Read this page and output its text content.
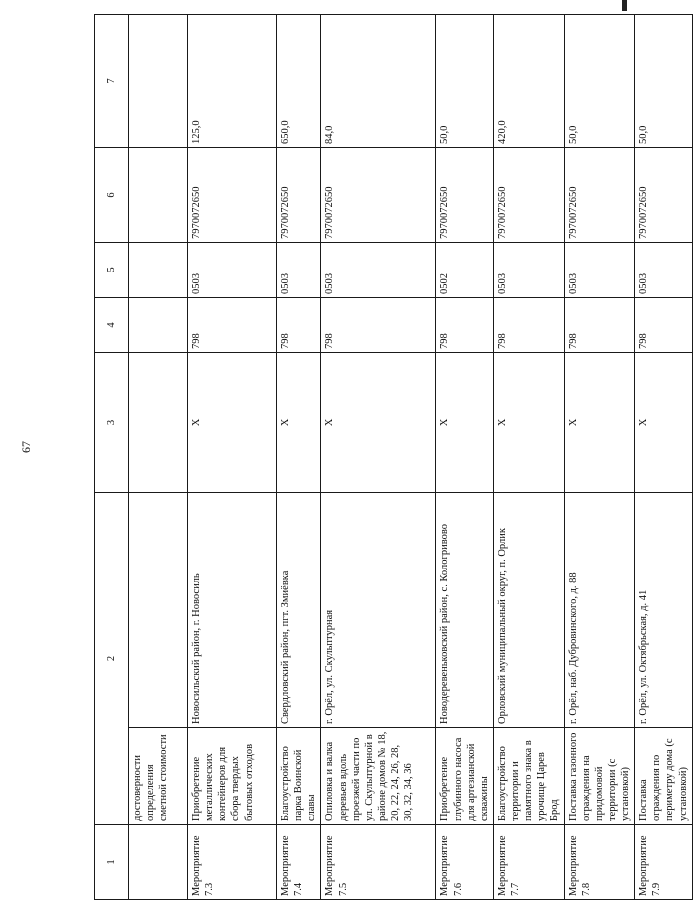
67
1	2		3	4	5	6	7
	достоверности определения сметной стоимости						
Мероприятие 7.3	Приобретение металлических контейнеров для сбора твердых бытовых отходов	Новосильский район, г. Новосиль	X	798	0503	7970072650	125,0
Мероприятие 7.4	Благоустройство парка Воинской славы	Свердловский район, пгт. Змиёвка	X	798	0503	7970072650	650,0
Мероприятие 7.5	Опиловка и валка деревьев вдоль проезжей части по ул. Скульптурной в районе домов № 18, 20, 22, 24, 26, 28, 30, 32, 34, 36	г. Орёл, ул. Скульптурная	X	798	0503	7970072650	84,0
Мероприятие 7.6	Приобретение глубинного насоса для артезианской скважины	Новодеревеньковский район, с. Кологривово	X	798	0502	7970072650	50,0
Мероприятие 7.7	Благоустройство территории и памятного знака в урочище Царев Брод	Орловский муниципальный округ, п. Орлик	X	798	0503	7970072650	420,0
Мероприятие 7.8	Поставка газонного ограждения на придомовой территории (с установкой)	г. Орёл, наб. Дубровинского, д. 88	X	798	0503	7970072650	50,0
Мероприятие 7.9	Поставка ограждения по периметру дома (с установкой)	г. Орёл, ул. Октябрьская, д. 41	X	798	0503	7970072650	50,0
